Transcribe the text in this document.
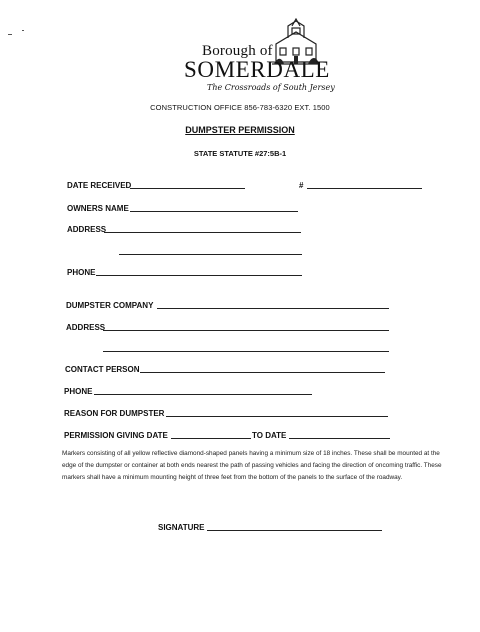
Borough of
SOMERDALE
The Crossroads of South Jersey
CONSTRUCTION OFFICE 856-783-6320 EXT. 1500
DUMPSTER PERMISSION
STATE STATUTE #27:5B-1
DATE RECEIVED	#
OWNERS NAME
ADDRESS
PHONE
DUMPSTER COMPANY
ADDRESS
CONTACT PERSON
PHONE
REASON FOR DUMPSTER
PERMISSION GIVING DATE	TO DATE
Markers consisting of all yellow reflective diamond-shaped panels having a minimum size of 18 inches. These shall be mounted at the edge of the dumpster or container at both ends nearest the path of passing vehicles and facing the direction of oncoming traffic. These markers shall have a minimum mounting height of three feet from the bottom of the panels to the surface of the roadway.
SIGNATURE
